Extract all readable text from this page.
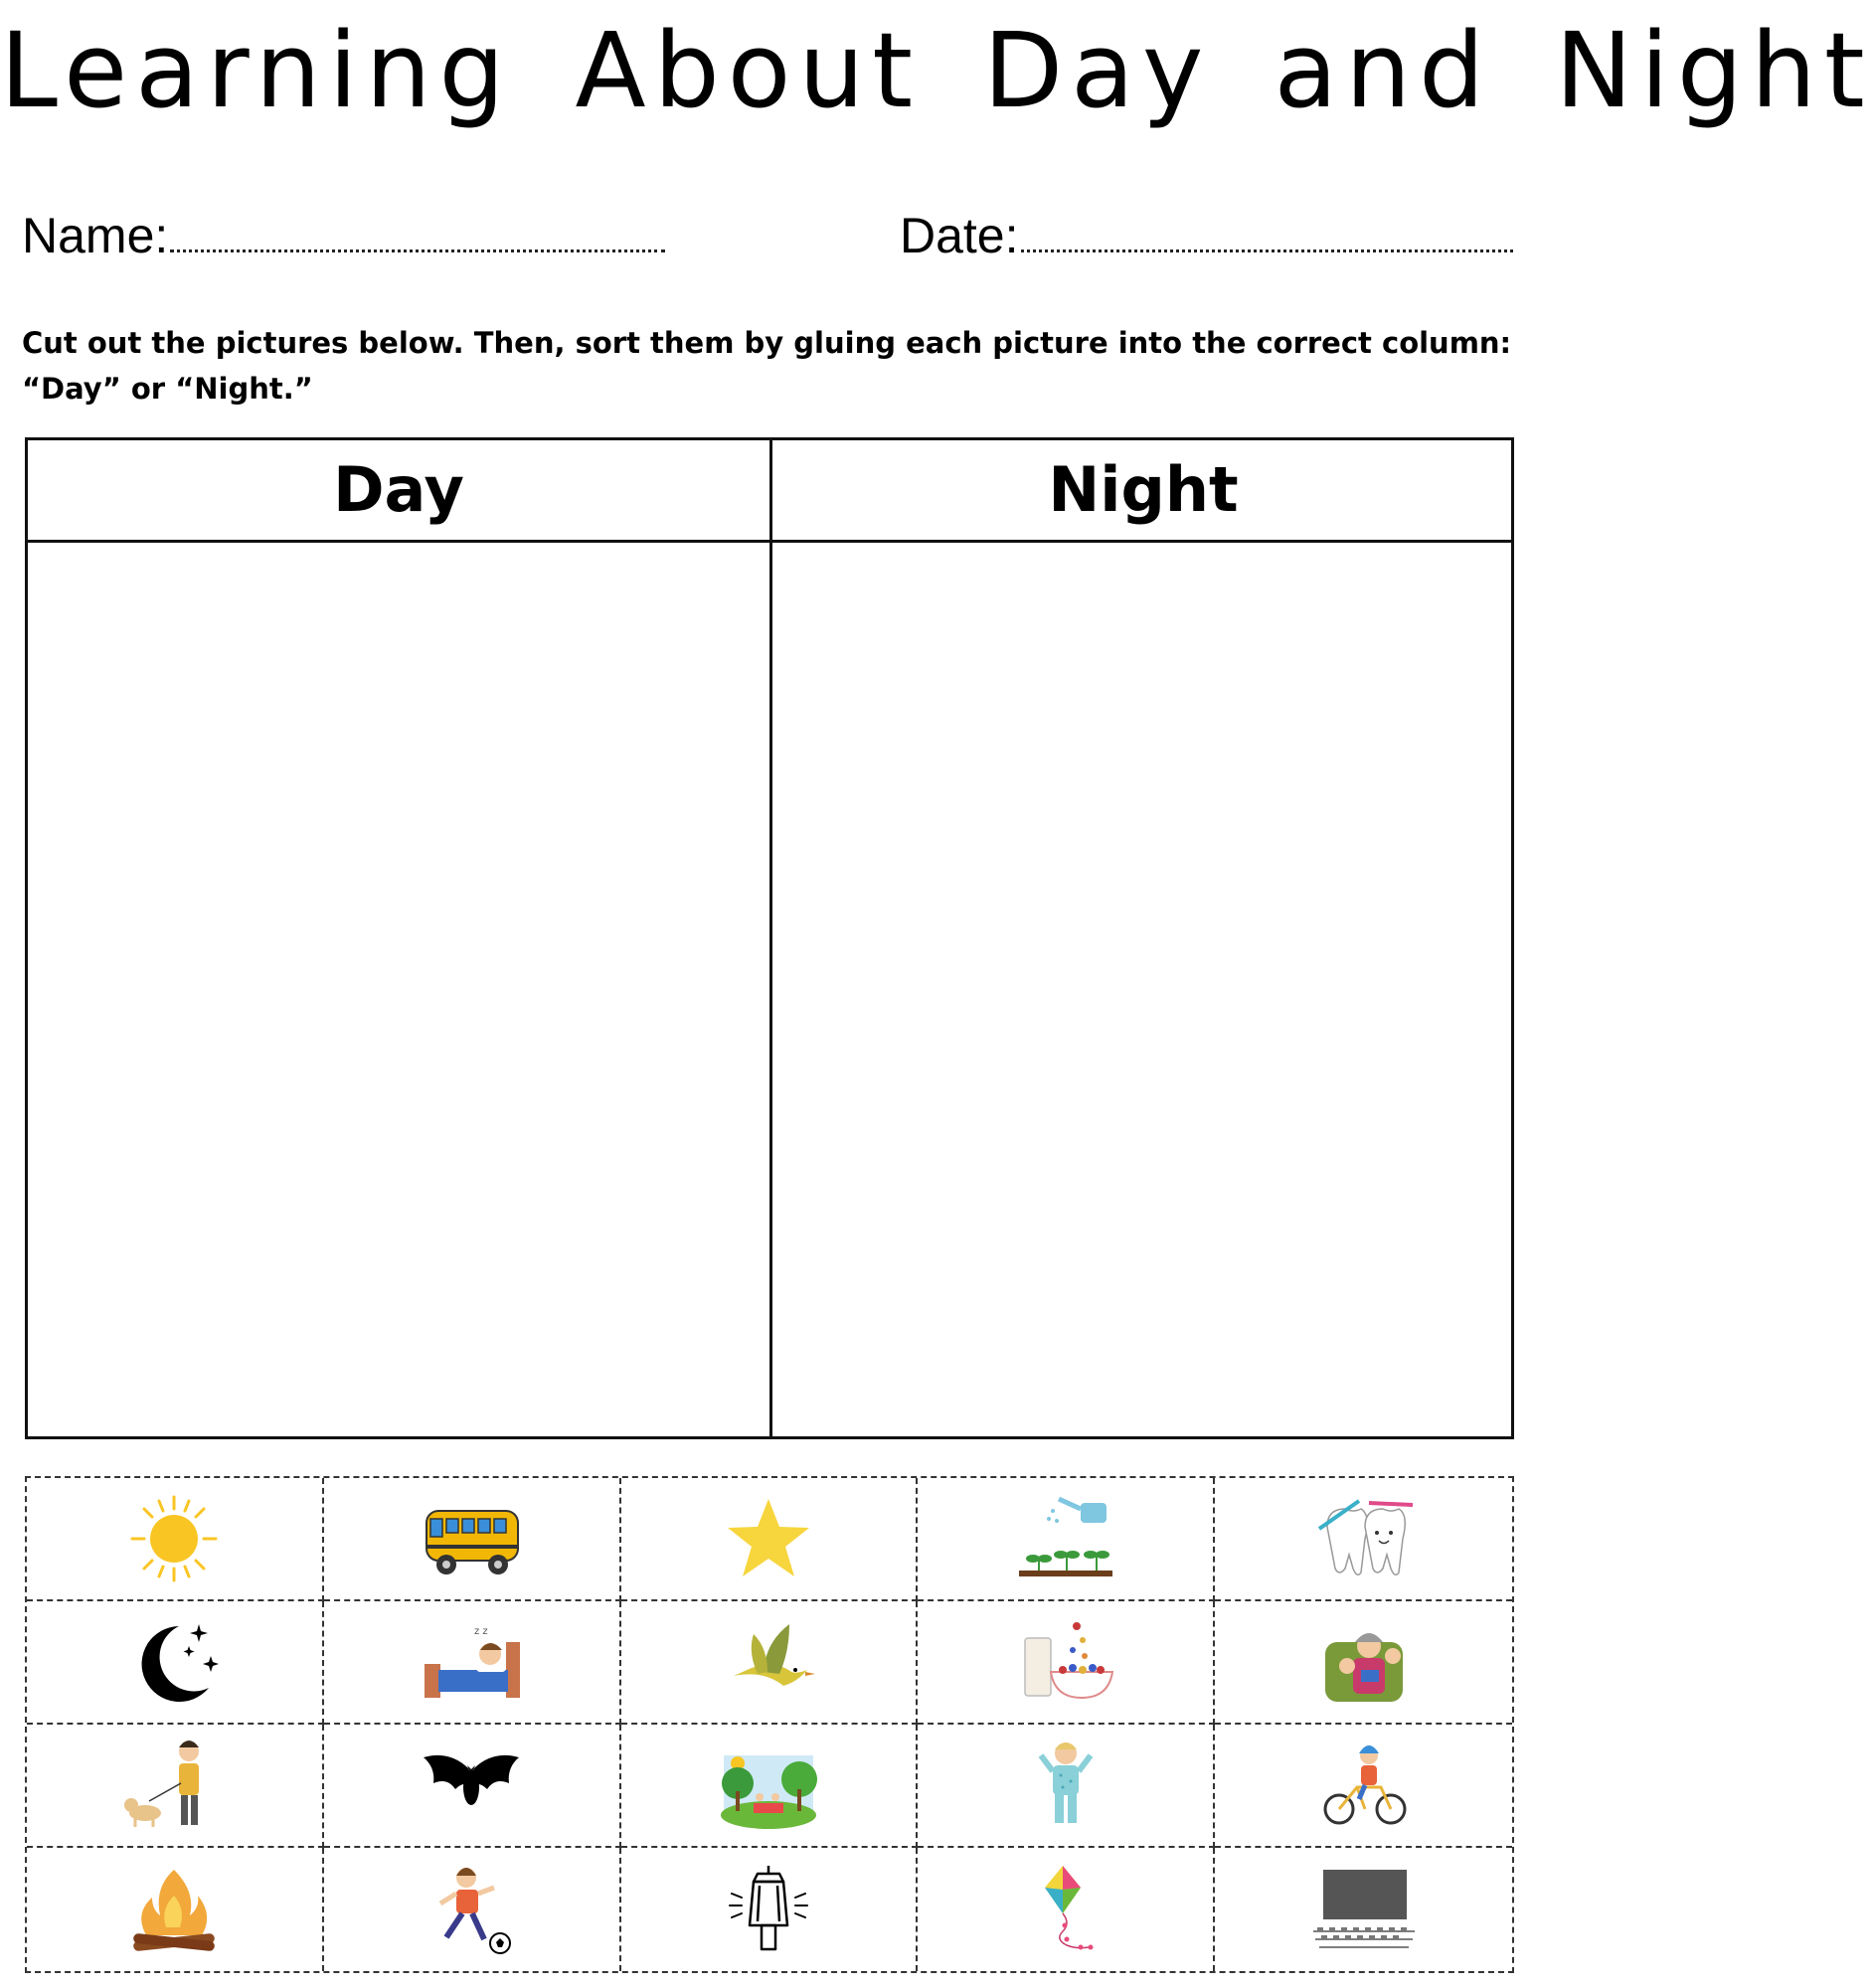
Learning About Day and Night
Name:	Date:
Cut out the pictures below. Then, sort them by gluing each picture into the correct column: “Day” or “Night.”
Day	Night
z z
